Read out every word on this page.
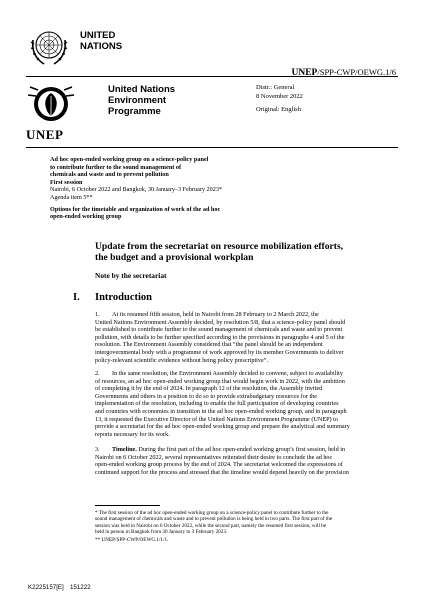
UNITED
NATIONS
UNEP
United Nations
Environment
Programme
UNEP/SPP-CWP/OEWG.1/6
Distr.: General
8 November 2022
Original: English
Ad hoc open-ended working group on a science-policy panel
to contribute further to the sound management of
chemicals and waste and to prevent pollution
First session
Nairobi, 6 October 2022 and Bangkok, 30 January–3 February 2023*
Agenda item 5**
Options for the timetable and organization of work of the ad hoc
open-ended working group
Update from the secretariat on resource mobilization efforts,
the budget and a provisional workplan
Note by the secretariat
I. Introduction
1.  At its resumed fifth session, held in Nairobi from 28 February to 2 March 2022, the
United Nations Environment Assembly decided, by resolution 5/8, that a science-policy panel should
be established to contribute further to the sound management of chemicals and waste and to prevent
pollution, with details to be further specified according to the provisions in paragraphs 4 and 5 of the
resolution. The Environment Assembly considered that “the panel should be an independent
intergovernmental body with a programme of work approved by its member Governments to deliver
policy-relevant scientific evidence without being policy prescriptive”.
2.  In the same resolution, the Environment Assembly decided to convene, subject to availability
of resources, an ad hoc open-ended working group that would begin work in 2022, with the ambition
of completing it by the end of 2024. In paragraph 12 of the resolution, the Assembly invited
Governments and others in a position to do so to provide extrabudgetary resources for the
implementation of the resolution, including to enable the full participation of developing countries
and countries with economies in transition in the ad hoc open-ended working group, and in paragraph
13, it requested the Executive Director of the United Nations Environment Programme (UNEP) to
provide a secretariat for the ad hoc open-ended working group and prepare the analytical and summary
reports necessary for its work.
3.  Timeline. During the first part of the ad hoc open-ended working group’s first session, held in
Nairobi on 6 October 2022, several representatives reiterated their desire to conclude the ad hoc
open-ended working group process by the end of 2024. The secretariat welcomed the expressions of
continued support for the process and stressed that the timeline would depend heavily on the provision
* The first session of the ad hoc open-ended working group on a science-policy panel to contribute further to the
sound management of chemicals and waste and to prevent pollution is being held in two parts. The first part of the
session was held in Nairobi on 6 October 2022, while the second part, namely the resumed first session, will be
held in person in Bangkok from 30 January to 3 February 2023.
** UNEP/SPP-CWP/OEWG.1/1/1.
K2225157[E] 151222
